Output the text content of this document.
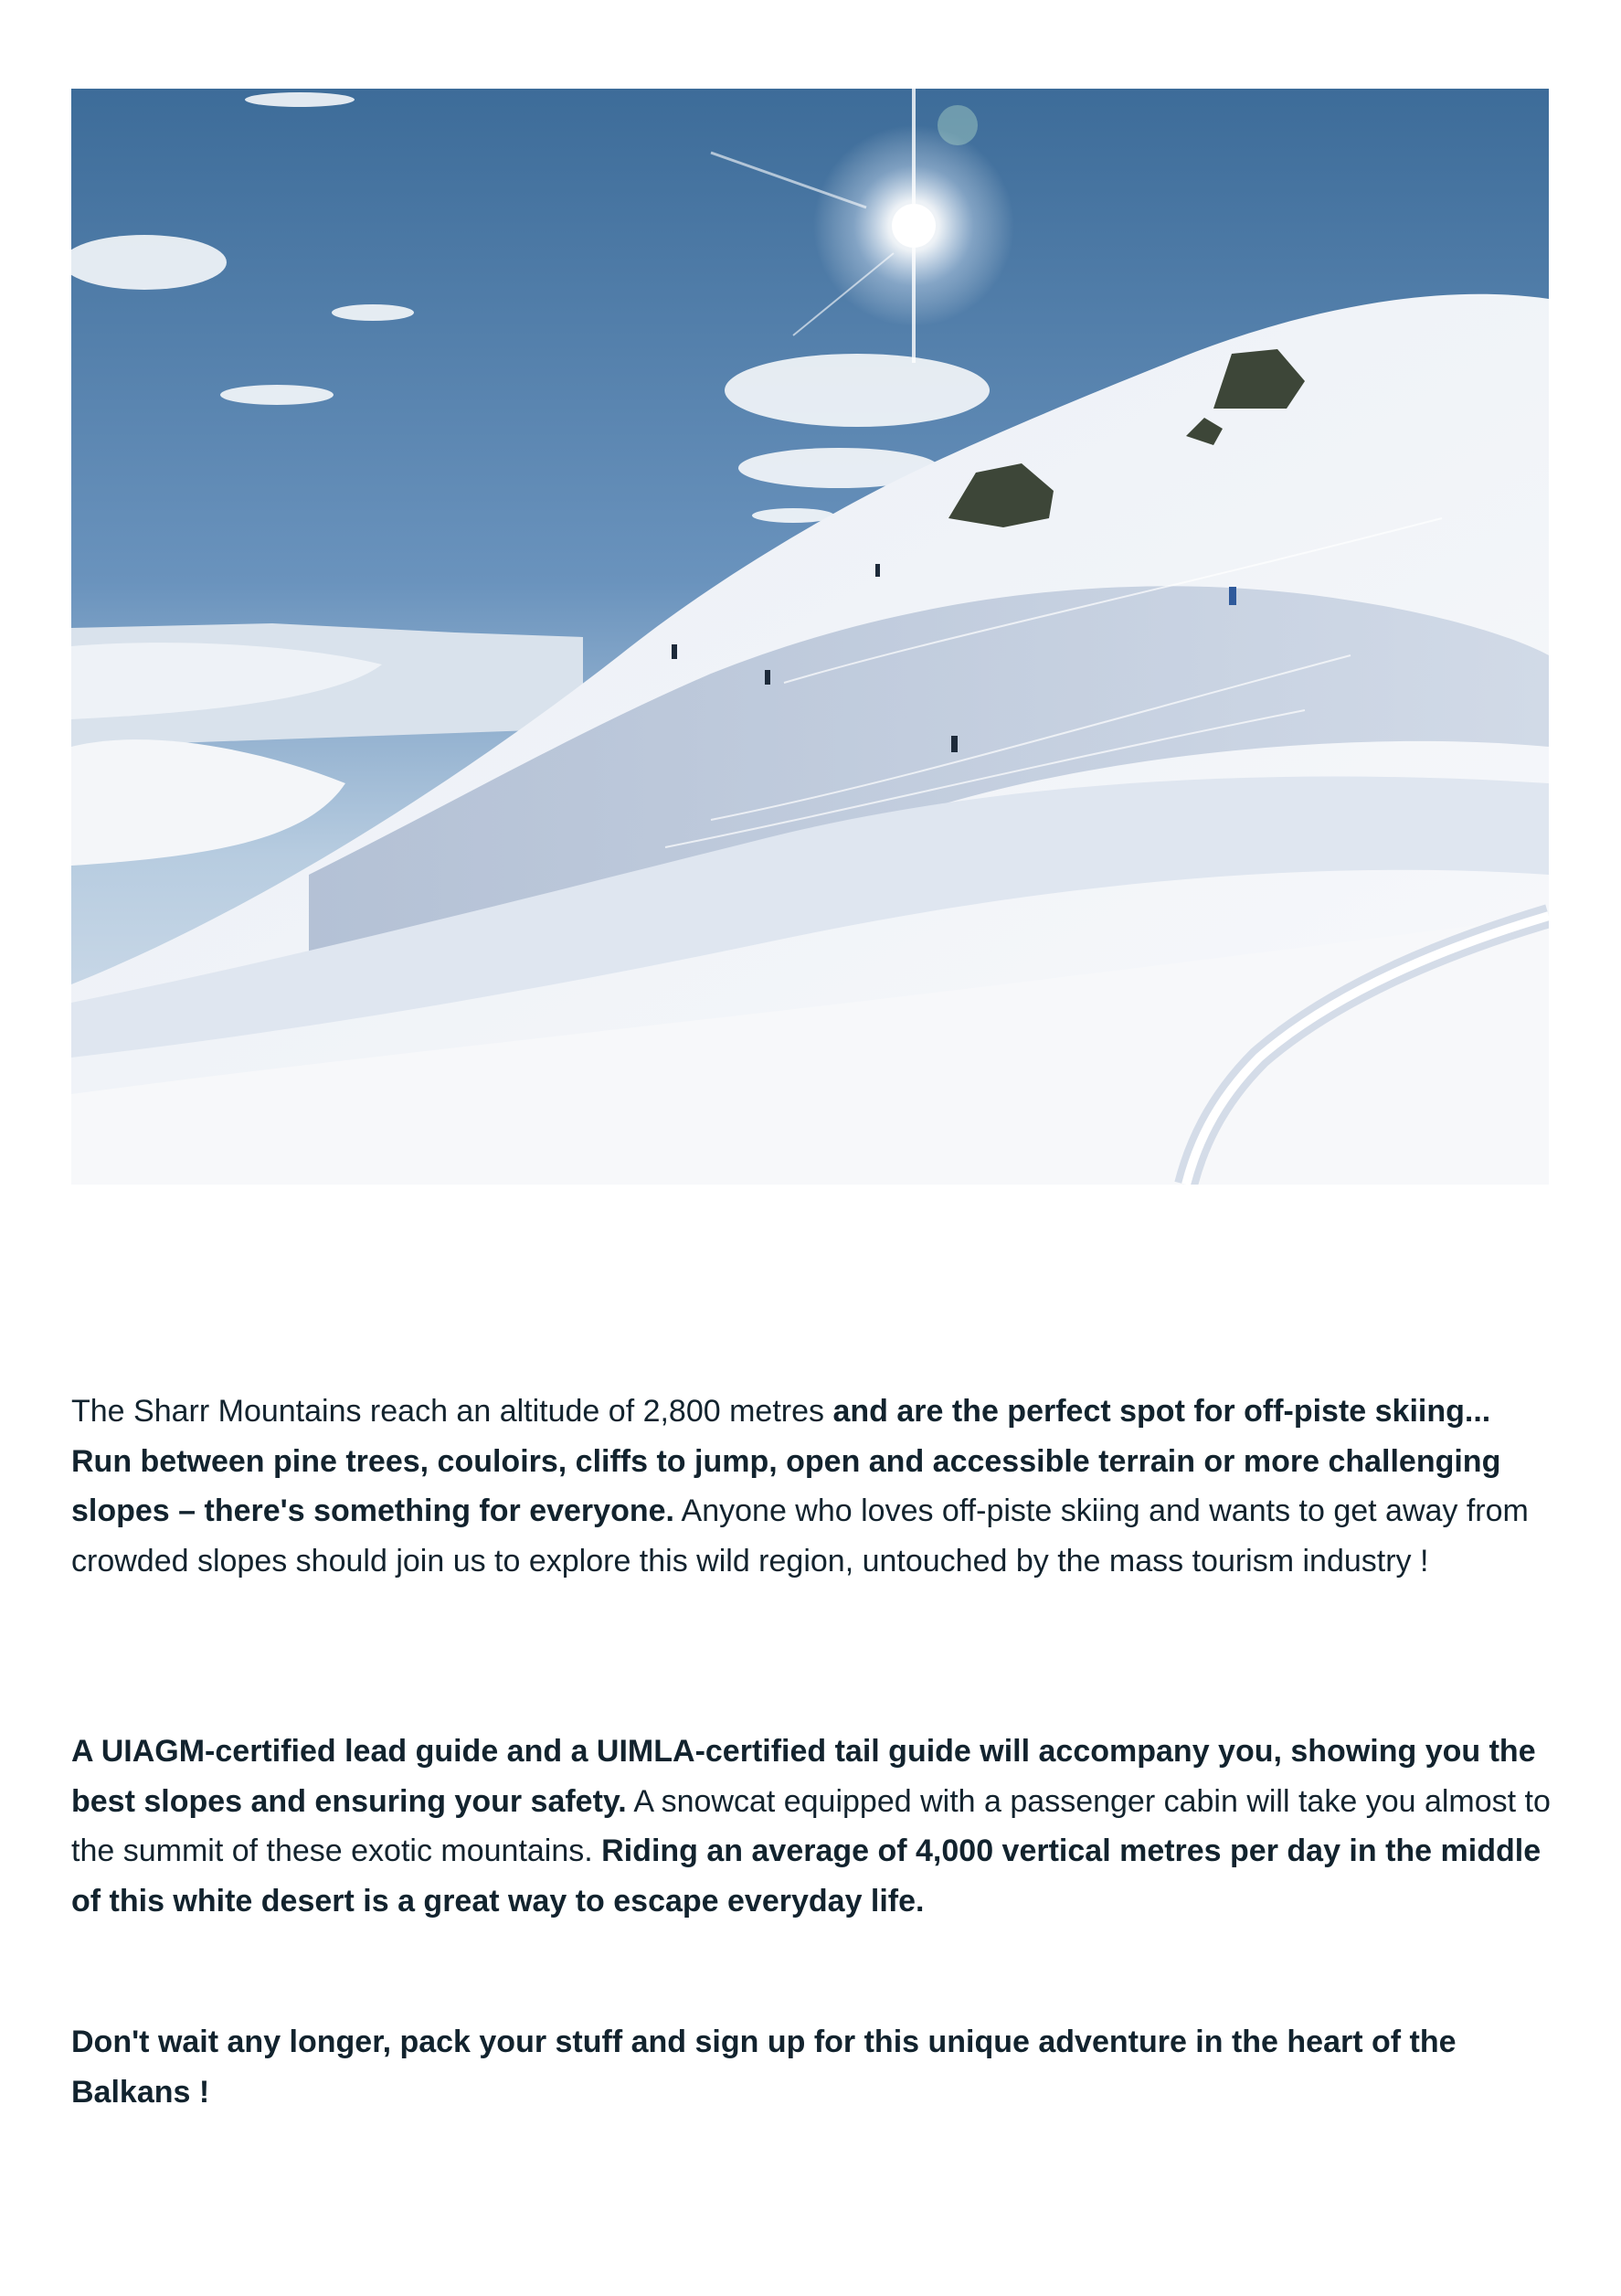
The Sharr Mountains reach an altitude of 2,800 metres and are the perfect spot for off-piste skiing... Run between pine trees, couloirs, cliffs to jump, open and accessible terrain or more challenging slopes – there's something for everyone. Anyone who loves off-piste skiing and wants to get away from crowded slopes should join us to explore this wild region, untouched by the mass tourism industry !

A UIAGM-certified lead guide and a UIMLA-certified tail guide will accompany you, showing you the best slopes and ensuring your safety. A snowcat equipped with a passenger cabin will take you almost to the summit of these exotic mountains. Riding an average of 4,000 vertical metres per day in the middle of this white desert is a great way to escape everyday life.

Don't wait any longer, pack your stuff and sign up for this unique adventure in the heart of the Balkans !
